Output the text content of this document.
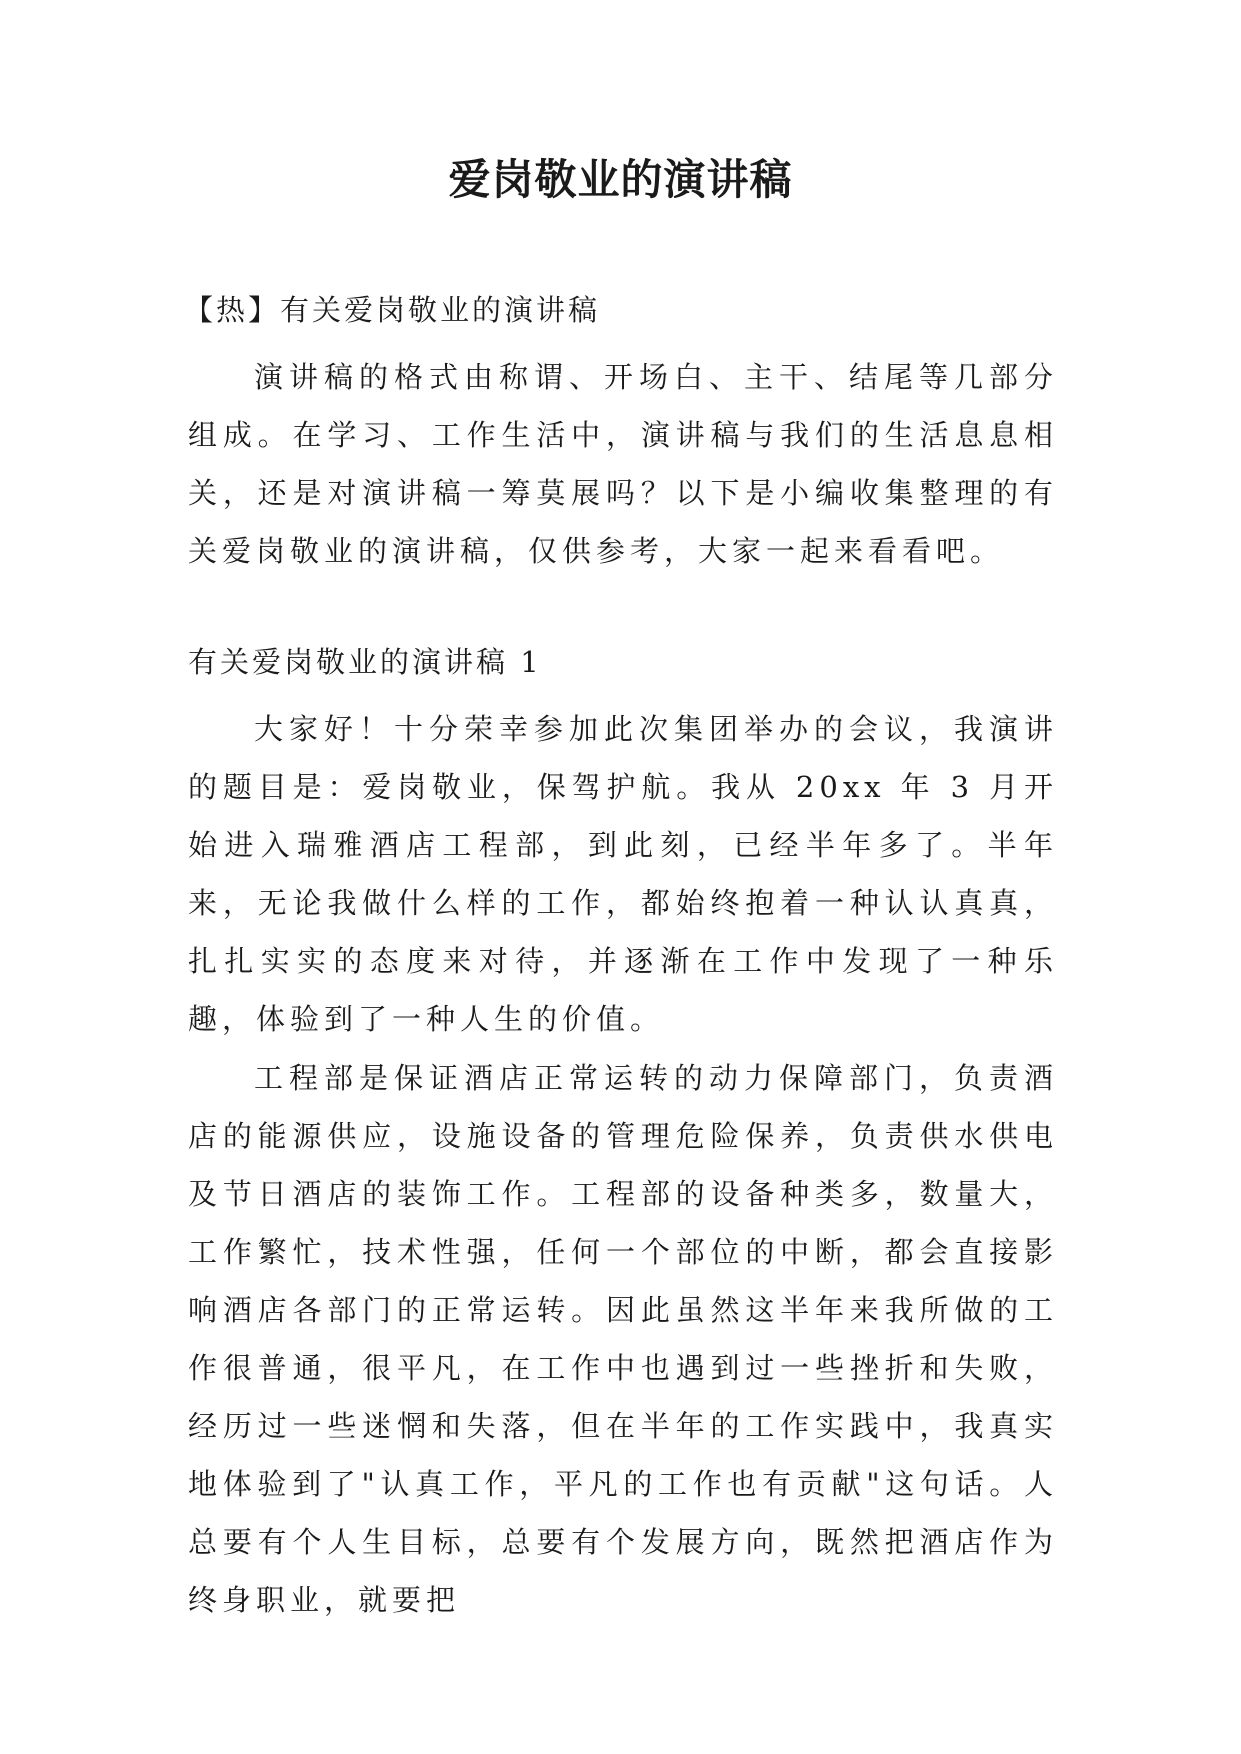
爱岗敬业的演讲稿
【热】有关爱岗敬业的演讲稿

演讲稿的格式由称谓、开场白、主干、结尾等几部分组成。在学习、工作生活中，演讲稿与我们的生活息息相关，还是对演讲稿一筹莫展吗？以下是小编收集整理的有关爱岗敬业的演讲稿，仅供参考，大家一起来看看吧。

有关爱岗敬业的演讲稿 1

大家好！十分荣幸参加此次集团举办的会议，我演讲的题目是：爱岗敬业，保驾护航。我从 20xx 年 3 月开始进入瑞雅酒店工程部，到此刻，已经半年多了。半年来，无论我做什么样的工作，都始终抱着一种认认真真，扎扎实实的态度来对待，并逐渐在工作中发现了一种乐趣，体验到了一种人生的价值。

工程部是保证酒店正常运转的动力保障部门，负责酒店的能源供应，设施设备的管理危险保养，负责供水供电及节日酒店的装饰工作。工程部的设备种类多，数量大，工作繁忙，技术性强，任何一个部位的中断，都会直接影响酒店各部门的正常运转。因此虽然这半年来我所做的工作很普通，很平凡，在工作中也遇到过一些挫折和失败，经历过一些迷惘和失落，但在半年的工作实践中，我真实地体验到了"认真工作，平凡的工作也有贡献"这句话。人总要有个人生目标，总要有个发展方向，既然把酒店作为终身职业，就要把
